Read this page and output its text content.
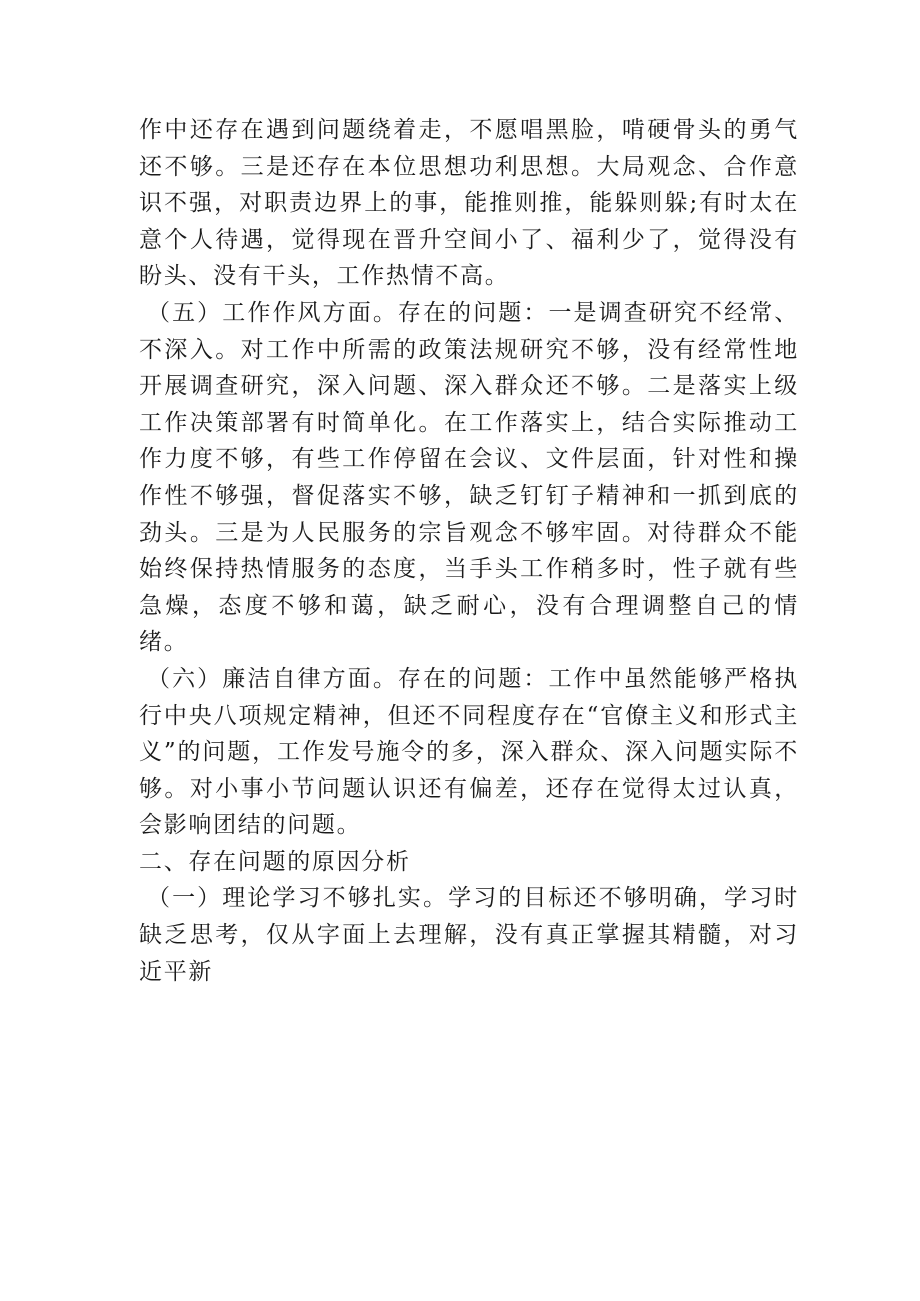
作中还存在遇到问题绕着走，不愿唱黑脸，啃硬骨头的勇气还不够。三是还存在本位思想功利思想。大局观念、合作意识不强，对职责边界上的事，能推则推，能躲则躲;有时太在意个人待遇，觉得现在晋升空间小了、福利少了，觉得没有盼头、没有干头，工作热情不高。

（五）工作作风方面。存在的问题：一是调查研究不经常、不深入。对工作中所需的政策法规研究不够，没有经常性地开展调查研究，深入问题、深入群众还不够。二是落实上级工作决策部署有时简单化。在工作落实上，结合实际推动工作力度不够，有些工作停留在会议、文件层面，针对性和操作性不够强，督促落实不够，缺乏钉钉子精神和一抓到底的劲头。三是为人民服务的宗旨观念不够牢固。对待群众不能始终保持热情服务的态度，当手头工作稍多时，性子就有些急燥，态度不够和蔼，缺乏耐心，没有合理调整自己的情绪。

（六）廉洁自律方面。存在的问题：工作中虽然能够严格执行中央八项规定精神，但还不同程度存在“官僚主义和形式主义”的问题，工作发号施令的多，深入群众、深入问题实际不够。对小事小节问题认识还有偏差，还存在觉得太过认真，会影响团结的问题。

二、存在问题的原因分析

（一）理论学习不够扎实。学习的目标还不够明确，学习时缺乏思考，仅从字面上去理解，没有真正掌握其精髓，对习近平新
